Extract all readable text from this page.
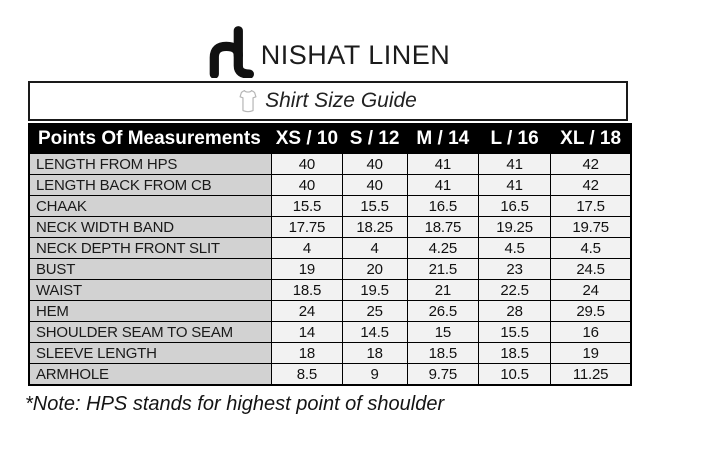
NISHAT LINEN
Shirt Size Guide
Points Of Measurements	XS / 10	S / 12	M / 14	L / 16	XL / 18
LENGTH FROM HPS	40	40	41	41	42
LENGTH BACK FROM CB	40	40	41	41	42
CHAAK	15.5	15.5	16.5	16.5	17.5
NECK WIDTH BAND	17.75	18.25	18.75	19.25	19.75
NECK DEPTH FRONT SLIT	4	4	4.25	4.5	4.5
BUST	19	20	21.5	23	24.5
WAIST	18.5	19.5	21	22.5	24
HEM	24	25	26.5	28	29.5
SHOULDER SEAM TO SEAM	14	14.5	15	15.5	16
SLEEVE LENGTH	18	18	18.5	18.5	19
ARMHOLE	8.5	9	9.75	10.5	11.25
*Note: HPS stands for highest point of shoulder
